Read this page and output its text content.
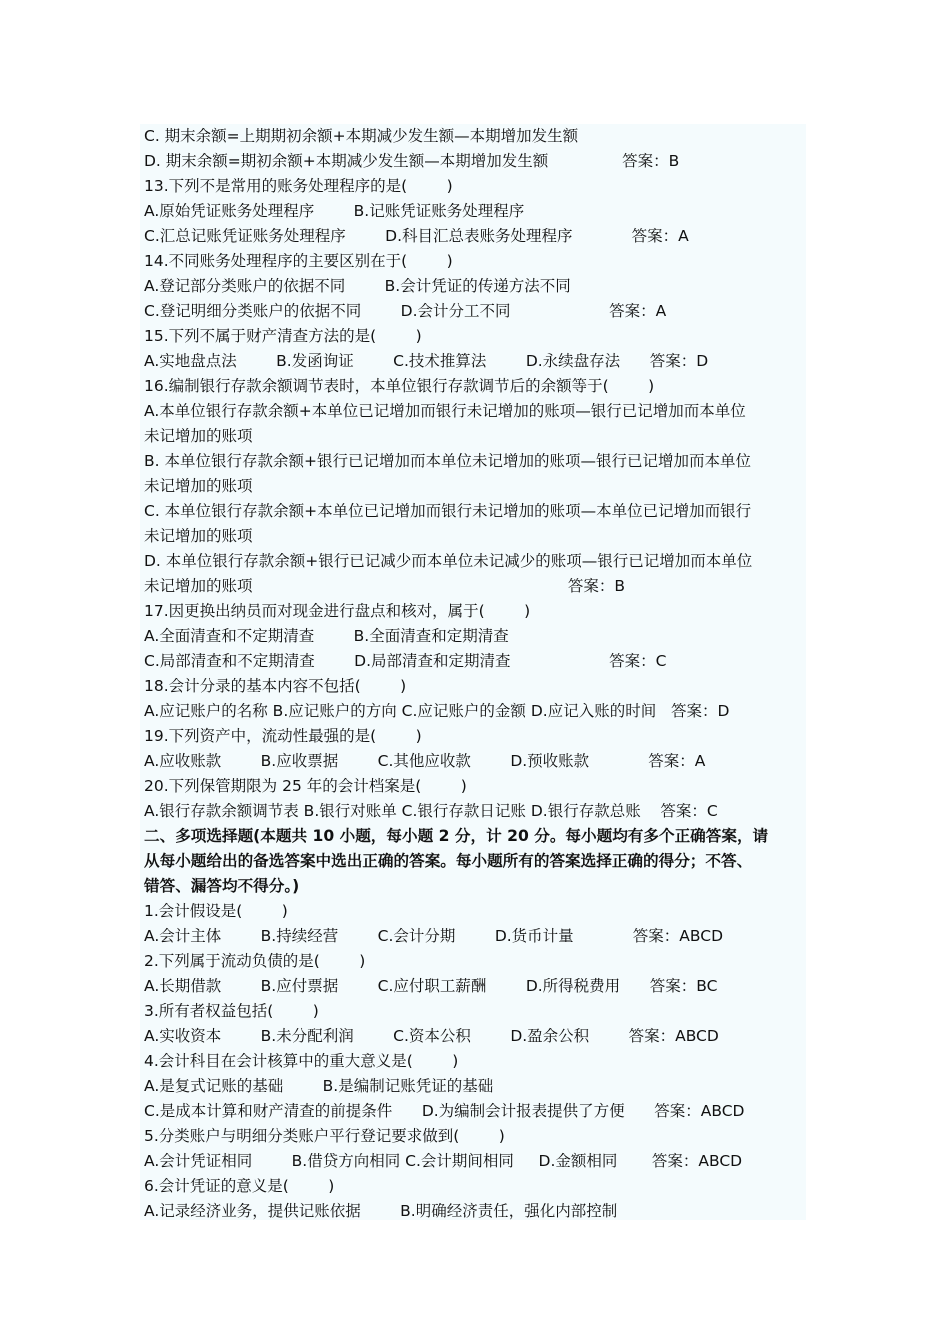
C. 期末余额=上期期初余额+本期减少发生额—本期增加发生额
D. 期末余额=期初余额+本期减少发生额—本期增加发生额               答案：B
13.下列不是常用的账务处理程序的是(        )
A.原始凭证账务处理程序        B.记账凭证账务处理程序
C.汇总记账凭证账务处理程序        D.科目汇总表账务处理程序            答案：A
14.不同账务处理程序的主要区别在于(        )
A.登记部分类账户的依据不同        B.会计凭证的传递方法不同
C.登记明细分类账户的依据不同        D.会计分工不同                    答案：A
15.下列不属于财产清查方法的是(        )
A.实地盘点法        B.发函询证        C.技术推算法        D.永续盘存法      答案：D
16.编制银行存款余额调节表时，本单位银行存款调节后的余额等于(        )
A.本单位银行存款余额+本单位已记增加而银行未记增加的账项—银行已记增加而本单位
未记增加的账项
B. 本单位银行存款余额+银行已记增加而本单位未记增加的账项—银行已记增加而本单位
未记增加的账项
C. 本单位银行存款余额+本单位已记增加而银行未记增加的账项—本单位已记增加而银行
未记增加的账项
D. 本单位银行存款余额+银行已记减少而本单位未记减少的账项—银行已记增加而本单位
未记增加的账项                                                                答案：B
17.因更换出纳员而对现金进行盘点和核对，属于(        )
A.全面清查和不定期清查        B.全面清查和定期清查
C.局部清查和不定期清查        D.局部清查和定期清查                    答案：C
18.会计分录的基本内容不包括(        )
A.应记账户的名称 B.应记账户的方向 C.应记账户的金额 D.应记入账的时间   答案：D
19.下列资产中，流动性最强的是(        )
A.应收账款        B.应收票据        C.其他应收款        D.预收账款            答案：A
20.下列保管期限为 25 年的会计档案是(        )
A.银行存款余额调节表 B.银行对账单 C.银行存款日记账 D.银行存款总账    答案：C
二、多项选择题(本题共 10 小题，每小题 2 分，计 20 分。每小题均有多个正确答案，请
从每小题给出的备选答案中选出正确的答案。每小题所有的答案选择正确的得分；不答、
错答、漏答均不得分。)
1.会计假设是(        )
A.会计主体        B.持续经营        C.会计分期        D.货币计量            答案：ABCD
2.下列属于流动负债的是(        )
A.长期借款        B.应付票据        C.应付职工薪酬        D.所得税费用      答案：BC
3.所有者权益包括(        )
A.实收资本        B.未分配利润        C.资本公积        D.盈余公积        答案：ABCD
4.会计科目在会计核算中的重大意义是(        )
A.是复式记账的基础        B.是编制记账凭证的基础
C.是成本计算和财产清查的前提条件      D.为编制会计报表提供了方便      答案：ABCD
5.分类账户与明细分类账户平行登记要求做到(        )
A.会计凭证相同        B.借贷方向相同 C.会计期间相同     D.金额相同       答案：ABCD
6.会计凭证的意义是(        )
A.记录经济业务，提供记账依据        B.明确经济责任，强化内部控制
